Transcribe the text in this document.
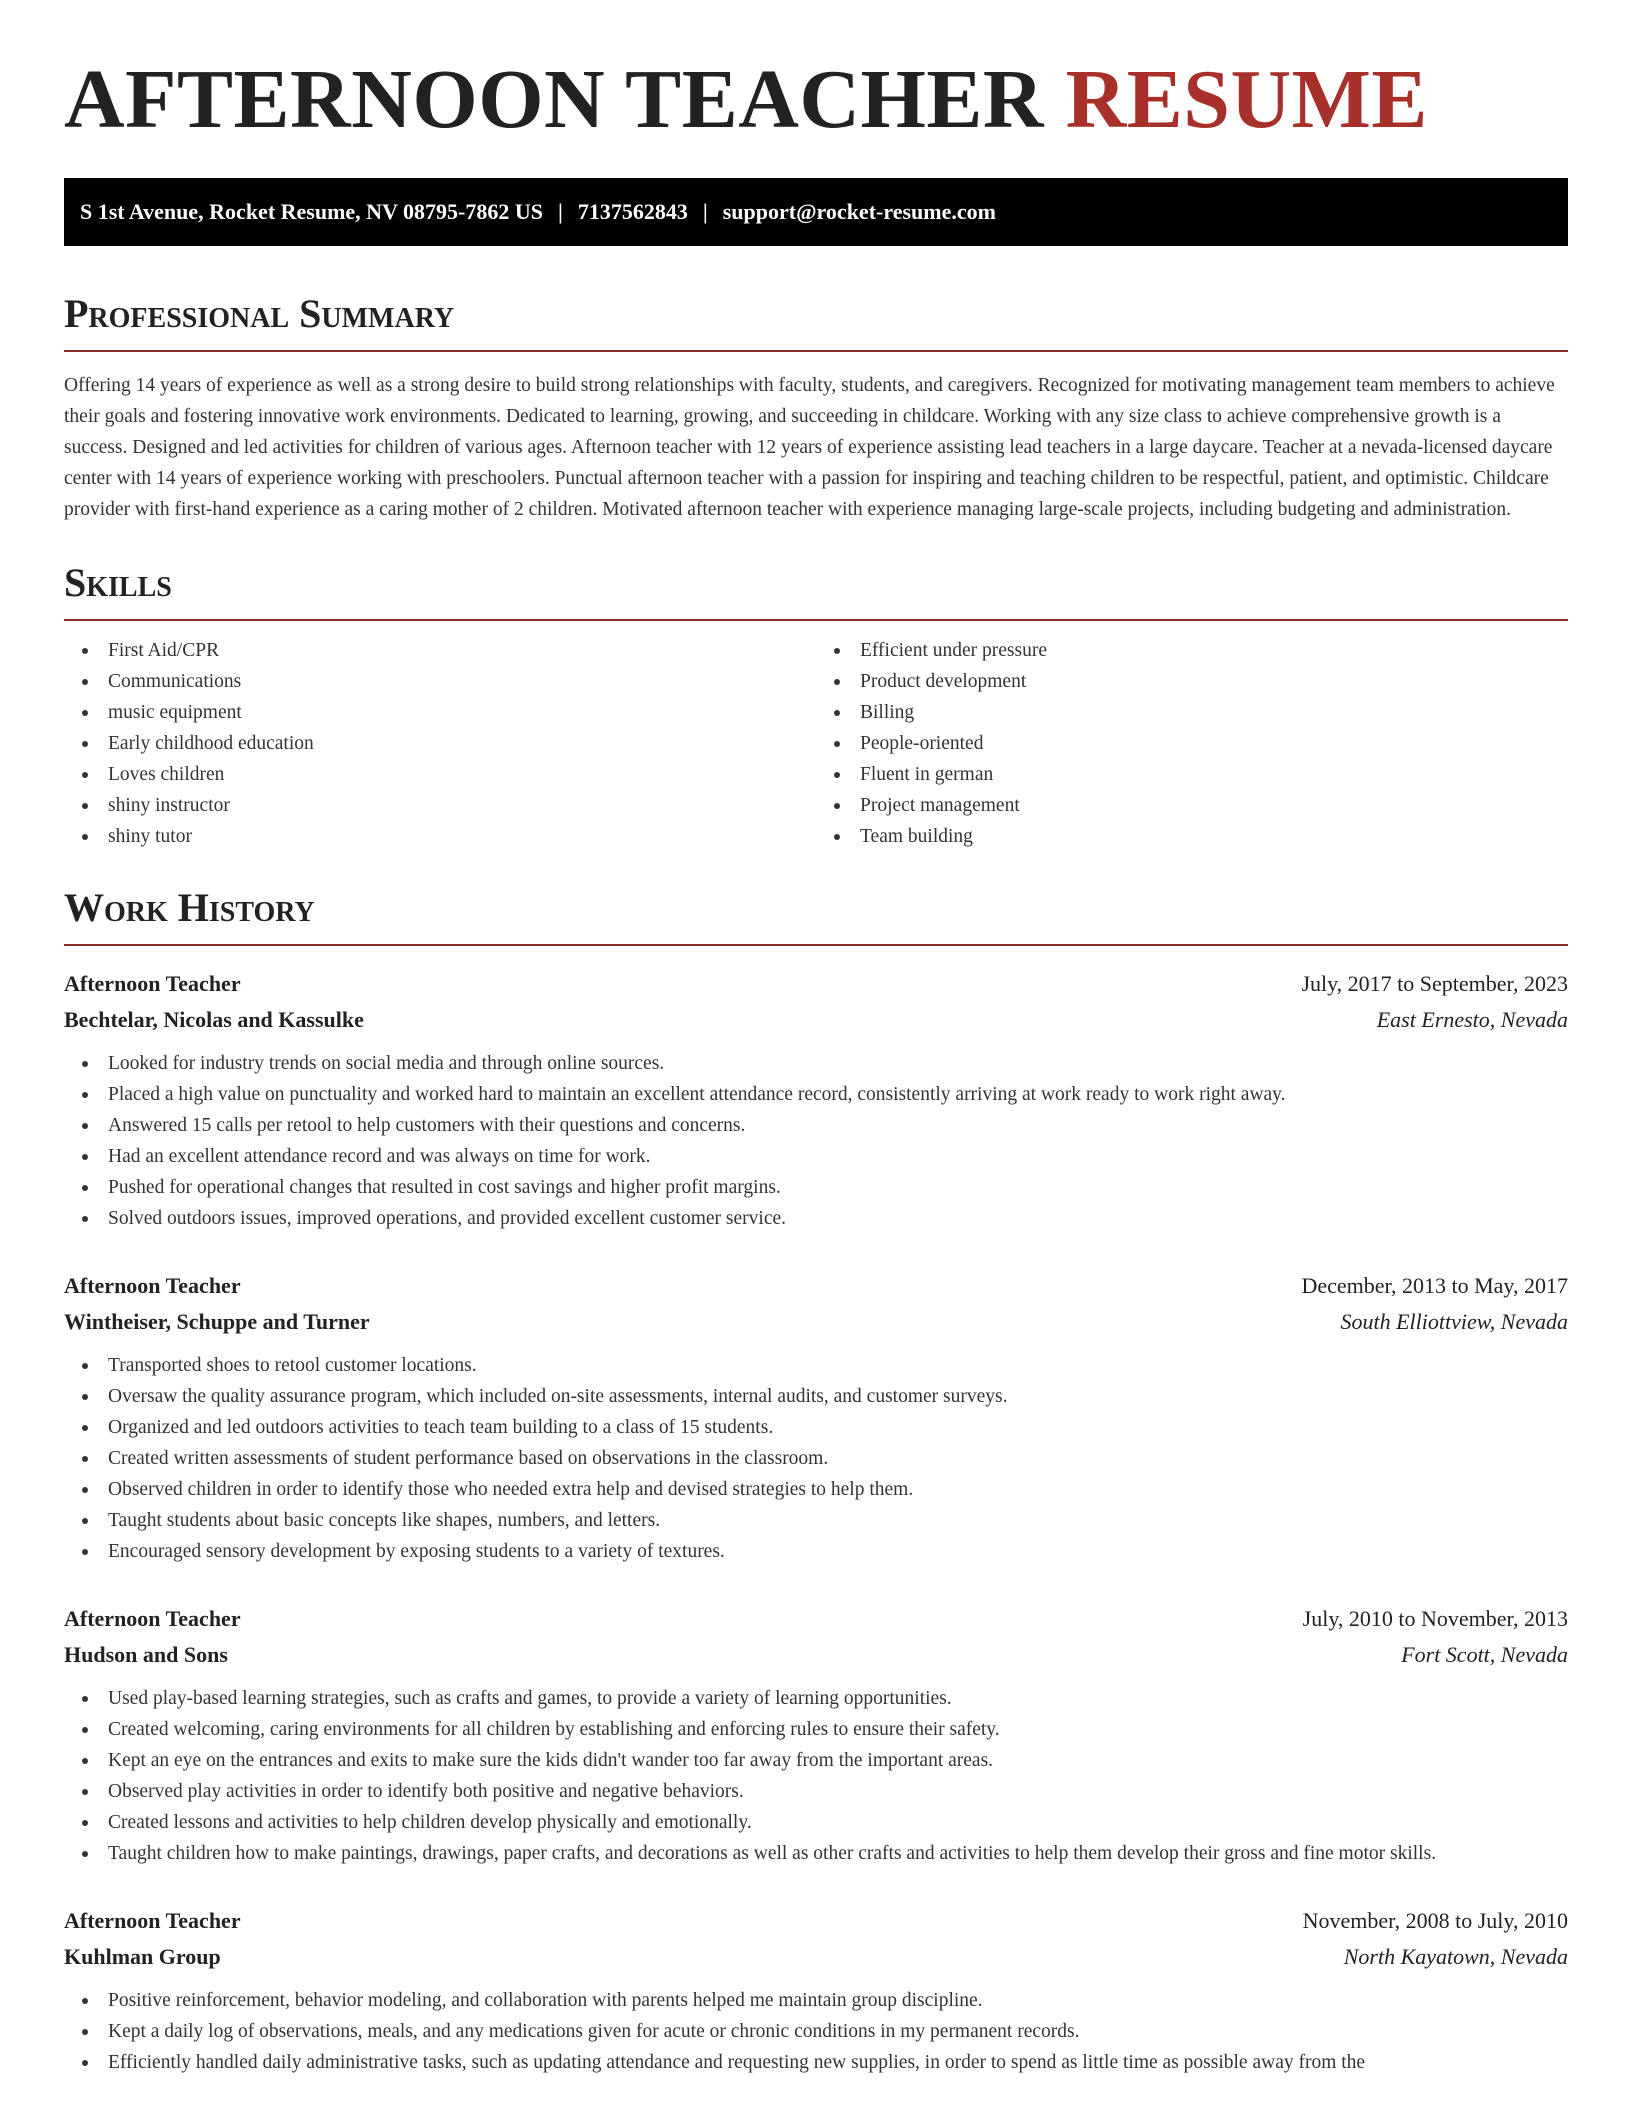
AFTERNOON TEACHER RESUME
S 1st Avenue, Rocket Resume, NV 08795-7862 US | 7137562843 | support@rocket-resume.com
Professional Summary

Offering 14 years of experience as well as a strong desire to build strong relationships with faculty, students, and caregivers. Recognized for motivating management team members to achieve their goals and fostering innovative work environments. Dedicated to learning, growing, and succeeding in childcare. Working with any size class to achieve comprehensive growth is a success. Designed and led activities for children of various ages. Afternoon teacher with 12 years of experience assisting lead teachers in a large daycare. Teacher at a nevada-licensed daycare center with 14 years of experience working with preschoolers. Punctual afternoon teacher with a passion for inspiring and teaching children to be respectful, patient, and optimistic. Childcare provider with first-hand experience as a caring mother of 2 children. Motivated afternoon teacher with experience managing large-scale projects, including budgeting and administration.

Skills
First Aid/CPR
Communications
music equipment
Early childhood education
Loves children
shiny instructor
shiny tutor
Efficient under pressure
Product development
Billing
People-oriented
Fluent in german
Project management
Team building
Work History
Afternoon Teacher	July, 2017 to September, 2023
Bechtelar, Nicolas and Kassulke	East Ernesto, Nevada
Looked for industry trends on social media and through online sources.
Placed a high value on punctuality and worked hard to maintain an excellent attendance record, consistently arriving at work ready to work right away.
Answered 15 calls per retool to help customers with their questions and concerns.
Had an excellent attendance record and was always on time for work.
Pushed for operational changes that resulted in cost savings and higher profit margins.
Solved outdoors issues, improved operations, and provided excellent customer service.
Afternoon Teacher	December, 2013 to May, 2017
Wintheiser, Schuppe and Turner	South Elliottview, Nevada
Transported shoes to retool customer locations.
Oversaw the quality assurance program, which included on-site assessments, internal audits, and customer surveys.
Organized and led outdoors activities to teach team building to a class of 15 students.
Created written assessments of student performance based on observations in the classroom.
Observed children in order to identify those who needed extra help and devised strategies to help them.
Taught students about basic concepts like shapes, numbers, and letters.
Encouraged sensory development by exposing students to a variety of textures.
Afternoon Teacher	July, 2010 to November, 2013
Hudson and Sons	Fort Scott, Nevada
Used play-based learning strategies, such as crafts and games, to provide a variety of learning opportunities.
Created welcoming, caring environments for all children by establishing and enforcing rules to ensure their safety.
Kept an eye on the entrances and exits to make sure the kids didn't wander too far away from the important areas.
Observed play activities in order to identify both positive and negative behaviors.
Created lessons and activities to help children develop physically and emotionally.
Taught children how to make paintings, drawings, paper crafts, and decorations as well as other crafts and activities to help them develop their gross and fine motor skills.
Afternoon Teacher	November, 2008 to July, 2010
Kuhlman Group	North Kayatown, Nevada
Positive reinforcement, behavior modeling, and collaboration with parents helped me maintain group discipline.
Kept a daily log of observations, meals, and any medications given for acute or chronic conditions in my permanent records.
Efficiently handled daily administrative tasks, such as updating attendance and requesting new supplies, in order to spend as little time as possible away from the
